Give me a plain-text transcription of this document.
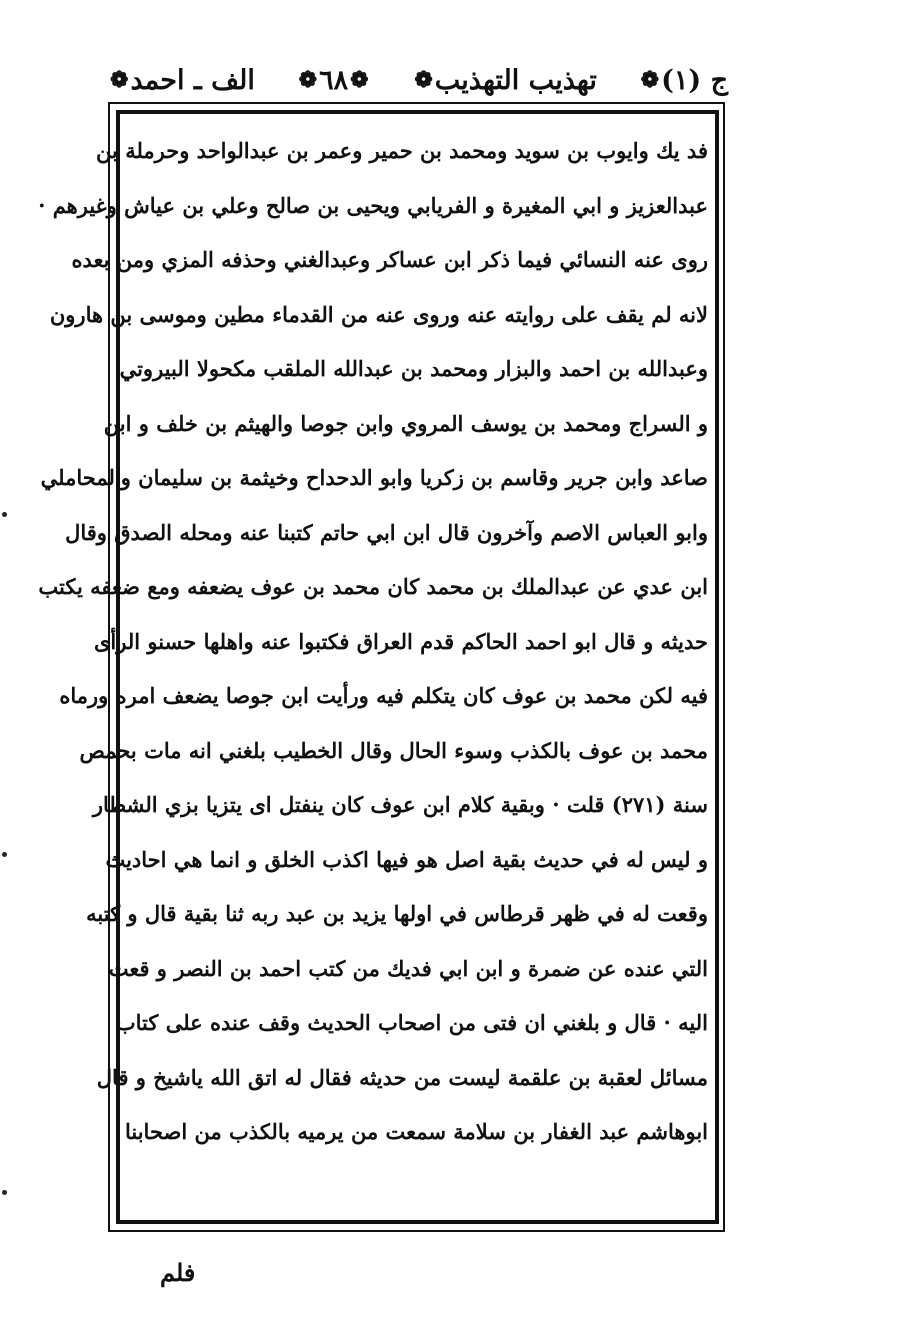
ج (١)
❁
تهذيب التهذيب
❁
❁
٦٨
❁
الف ـ احمد
❁
فد يك وايوب بن سويد ومحمد بن حمير وعمر بن عبدالواحد وحرملة بن
عبدالعزيز و ابي المغيرة و الفريابي ويحيى بن صالح وعلي بن عياش وغيرهم ·
روى عنه النسائي فيما ذكر ابن عساكر وعبدالغني وحذفه المزي ومن بعده
لانه لم يقف على روايته عنه وروى عنه من القدماء مطين وموسى بن هارون
وعبدالله بن احمد والبزار ومحمد بن عبدالله الملقب مكحولا البيروتي
و السراج ومحمد بن يوسف المروي وابن جوصا والهيثم بن خلف و ابن
صاعد وابن جرير وقاسم بن زكريا وابو الدحداح وخيثمة بن سليمان والمحاملي
وابو العباس الاصم وآخرون قال ابن ابي حاتم كتبنا عنه ومحله الصدق وقال
ابن عدي عن عبدالملك بن محمد كان محمد بن عوف يضعفه ومع ضعفه يكتب
حديثه و قال ابو احمد الحاكم قدم العراق فكتبوا عنه واهلها حسنو الرأى
فيه لكن محمد بن عوف كان يتكلم فيه ورأيت ابن جوصا يضعف امره ورماه
محمد بن عوف بالكذب وسوء الحال وقال الخطيب بلغني انه مات بحمص
سنة (٢٧١) قلت · وبقية كلام ابن عوف كان ينفتل اى يتزيا بزي الشطار
و ليس له في حديث بقية اصل هو فيها اكذب الخلق و انما هي احاديث
وقعت له في ظهر قرطاس في اولها يزيد بن عبد ربه ثنا بقية قال و كتبه
التي عنده عن ضمرة و ابن ابي فديك من كتب احمد بن النصر و قعت
اليه · قال و بلغني ان فتى من اصحاب الحديث وقف عنده على كتاب
مسائل لعقبة بن علقمة ليست من حديثه فقال له اتق الله ياشيخ و قال
ابوهاشم عبد الغفار بن سلامة سمعت من يرميه بالكذب من اصحابنا
فلم
